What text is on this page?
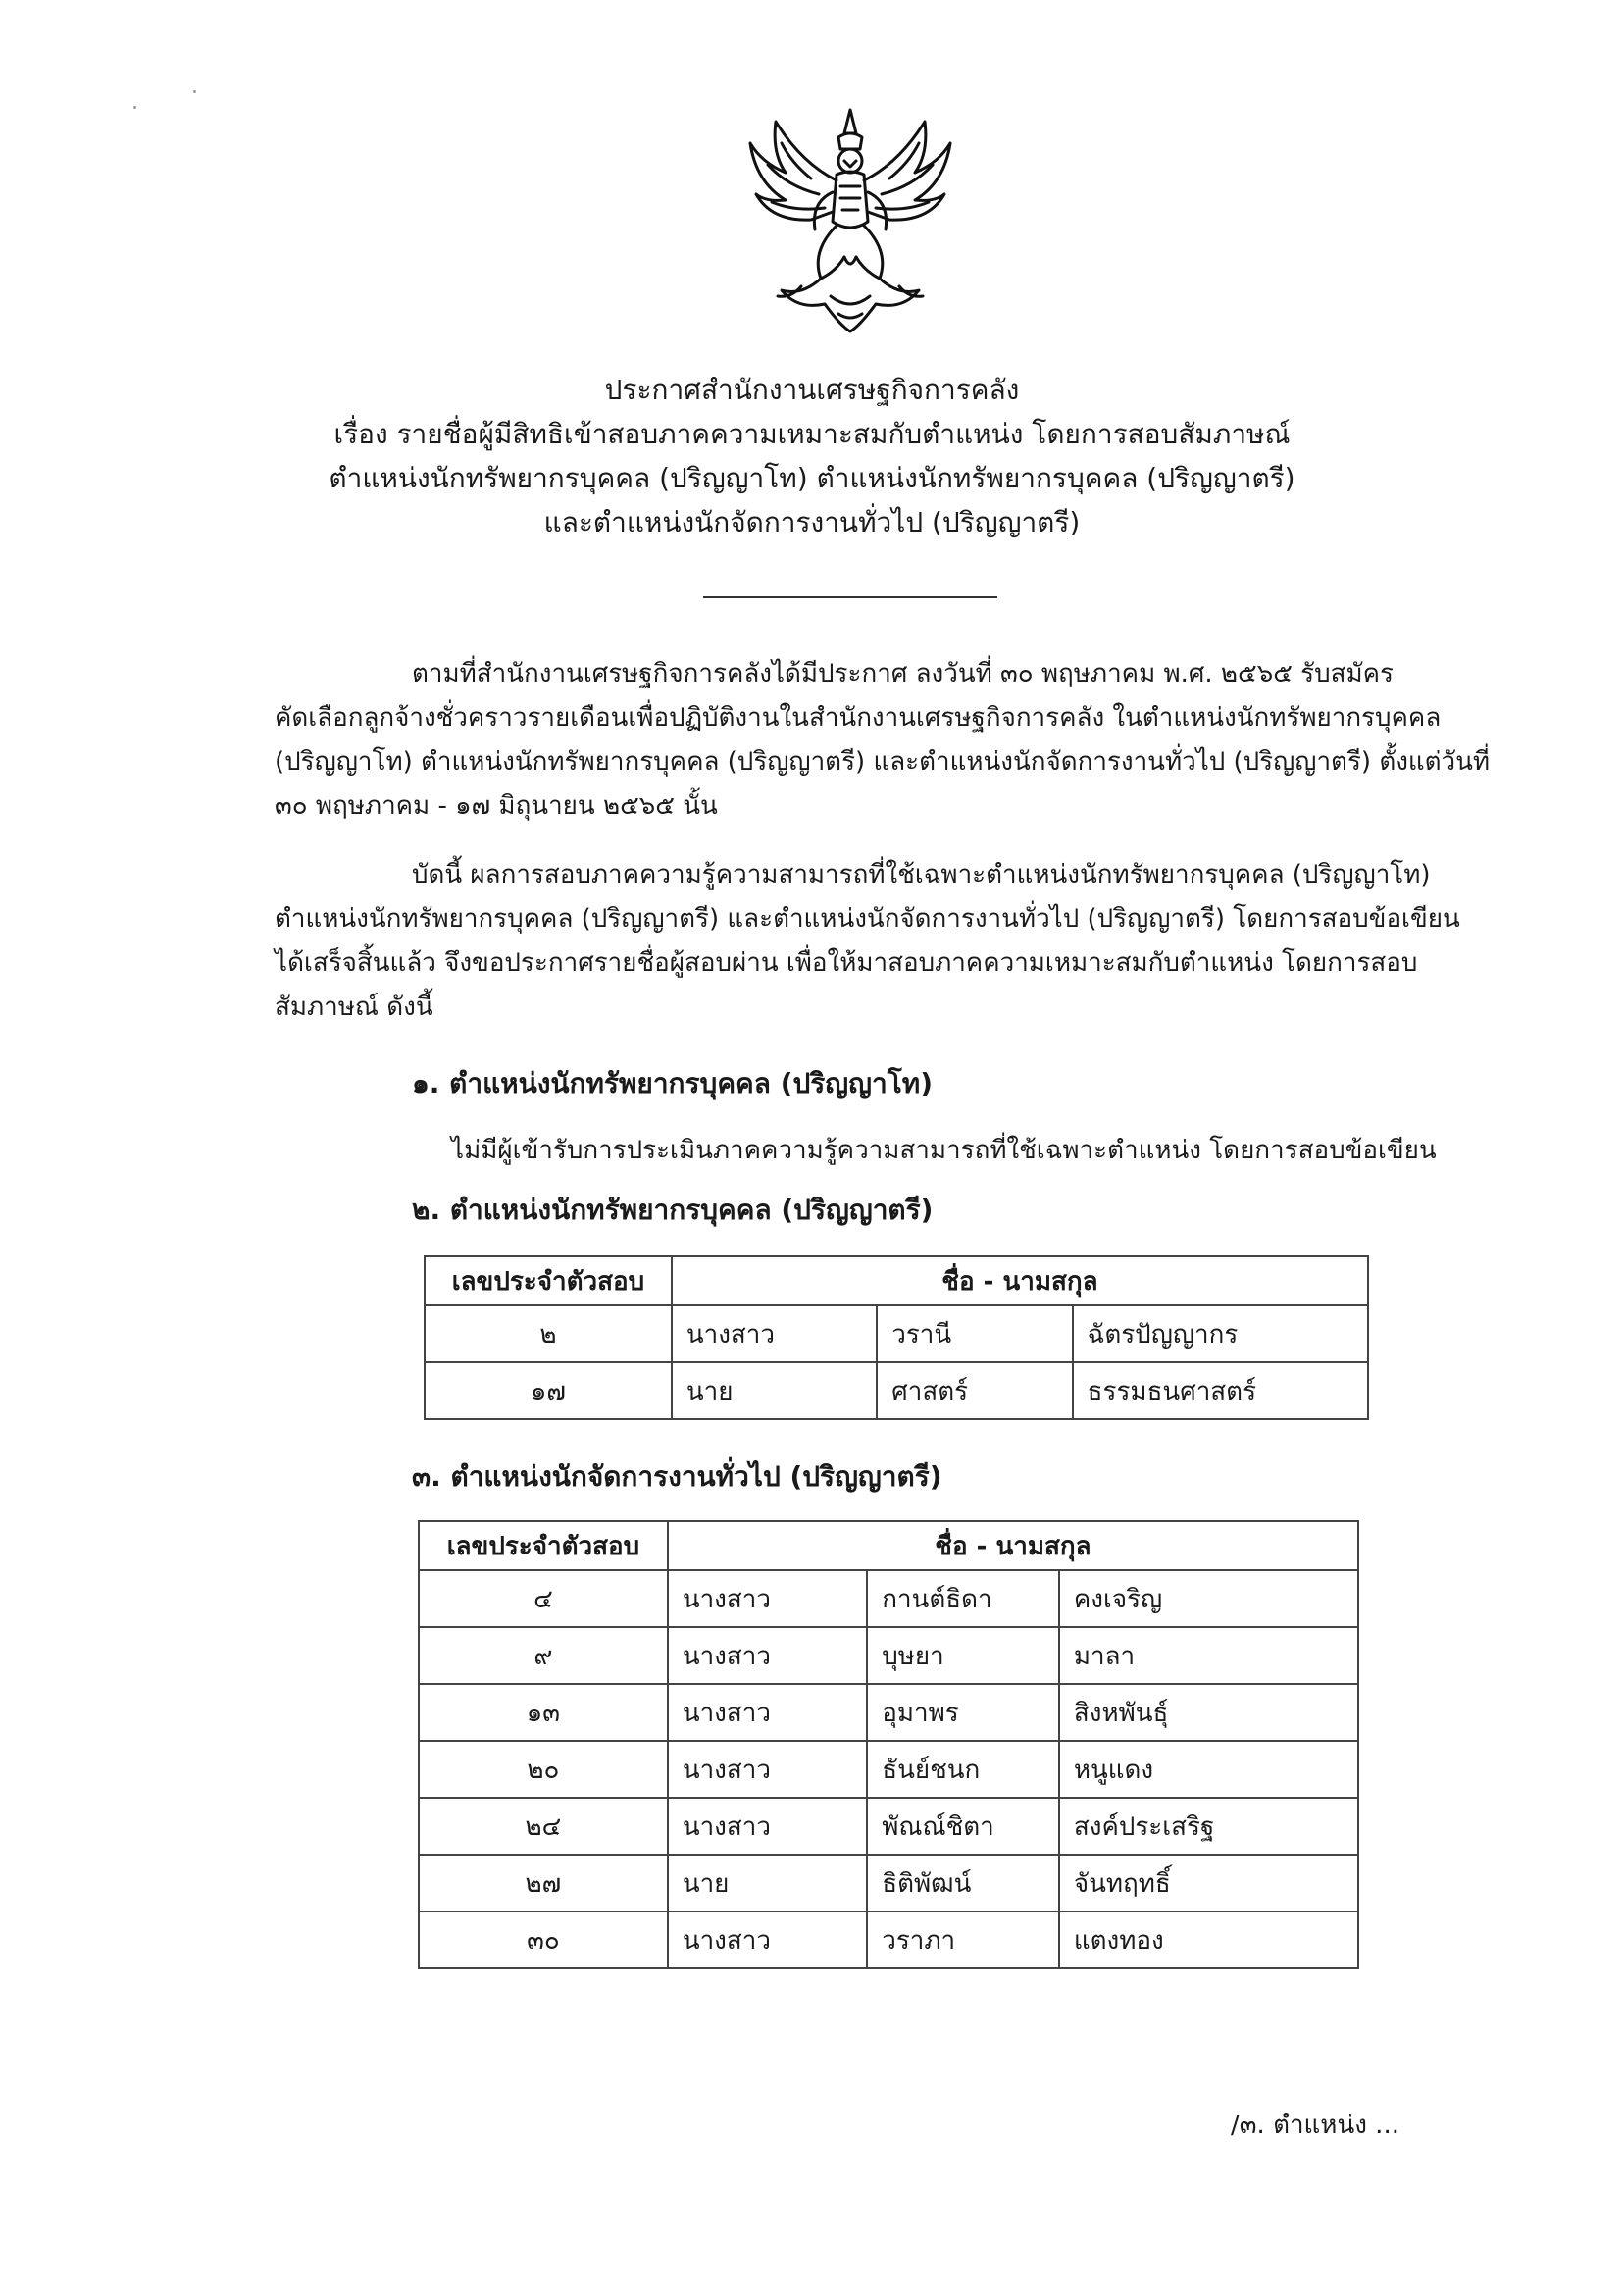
ประกาศสำนักงานเศรษฐกิจการคลัง
เรื่อง รายชื่อผู้มีสิทธิเข้าสอบภาคความเหมาะสมกับตำแหน่ง โดยการสอบสัมภาษณ์
ตำแหน่งนักทรัพยากรบุคคล (ปริญญาโท) ตำแหน่งนักทรัพยากรบุคคล (ปริญญาตรี)
และตำแหน่งนักจัดการงานทั่วไป (ปริญญาตรี)
ตามที่สำนักงานเศรษฐกิจการคลังได้มีประกาศ ลงวันที่ ๓๐ พฤษภาคม พ.ศ. ๒๕๖๕ รับสมัคร
คัดเลือกลูกจ้างชั่วคราวรายเดือนเพื่อปฏิบัติงานในสำนักงานเศรษฐกิจการคลัง ในตำแหน่งนักทรัพยากรบุคคล
(ปริญญาโท) ตำแหน่งนักทรัพยากรบุคคล (ปริญญาตรี) และตำแหน่งนักจัดการงานทั่วไป (ปริญญาตรี) ตั้งแต่วันที่
๓๐ พฤษภาคม - ๑๗ มิถุนายน ๒๕๖๕ นั้น
บัดนี้ ผลการสอบภาคความรู้ความสามารถที่ใช้เฉพาะตำแหน่งนักทรัพยากรบุคคล (ปริญญาโท)
ตำแหน่งนักทรัพยากรบุคคล (ปริญญาตรี) และตำแหน่งนักจัดการงานทั่วไป (ปริญญาตรี) โดยการสอบข้อเขียน
ได้เสร็จสิ้นแล้ว จึงขอประกาศรายชื่อผู้สอบผ่าน เพื่อให้มาสอบภาคความเหมาะสมกับตำแหน่ง โดยการสอบ
สัมภาษณ์ ดังนี้
๑. ตำแหน่งนักทรัพยากรบุคคล (ปริญญาโท)
ไม่มีผู้เข้ารับการประเมินภาคความรู้ความสามารถที่ใช้เฉพาะตำแหน่ง โดยการสอบข้อเขียน
๒. ตำแหน่งนักทรัพยากรบุคคล (ปริญญาตรี)
เลขประจำตัวสอบ	ชื่อ - นามสกุล		
๒	นางสาว	วรานี	ฉัตรปัญญากร
๑๗	นาย	ศาสตร์	ธรรมธนศาสตร์
๓. ตำแหน่งนักจัดการงานทั่วไป (ปริญญาตรี)
เลขประจำตัวสอบ	ชื่อ - นามสกุล		
๔	นางสาว	กานต์ธิดา	คงเจริญ
๙	นางสาว	บุษยา	มาลา
๑๓	นางสาว	อุมาพร	สิงหพันธุ์
๒๐	นางสาว	ธันย์ชนก	หนูแดง
๒๔	นางสาว	พัณณ์ชิตา	สงค์ประเสริฐ
๒๗	นาย	ธิติพัฒน์	จันทฤทธิ์
๓๐	นางสาว	วราภา	แตงทอง
/๓. ตำแหน่ง ...
